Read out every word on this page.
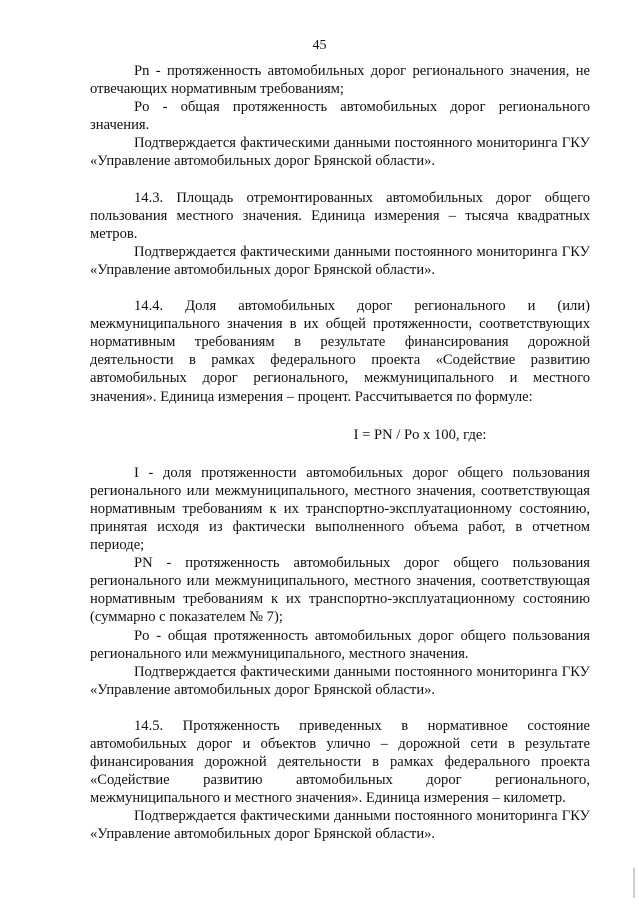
45

Pn - протяженность автомобильных дорог регионального значения, не отвечающих нормативным требованиям;

Po - общая протяженность автомобильных дорог регионального значения.

Подтверждается фактическими данными постоянного мониторинга ГКУ «Управление автомобильных дорог Брянской области».

14.3. Площадь отремонтированных автомобильных дорог общего пользования местного значения. Единица измерения – тысяча квадратных метров.

Подтверждается фактическими данными постоянного мониторинга ГКУ «Управление автомобильных дорог Брянской области».

14.4. Доля автомобильных дорог регионального и (или) межмуниципального значения в их общей протяженности, соответствующих нормативным требованиям в результате финансирования дорожной деятельности в рамках федерального проекта «Содействие развитию автомобильных дорог регионального, межмуниципального и местного значения». Единица измерения – процент. Рассчитывается по формуле:

I = PN / Po x 100, где:

I - доля протяженности автомобильных дорог общего пользования регионального или межмуниципального, местного значения, соответствующая нормативным требованиям к их транспортно-эксплуатационному состоянию, принятая исходя из фактически выполненного объема работ, в отчетном периоде;

PN - протяженность автомобильных дорог общего пользования регионального или межмуниципального, местного значения, соответствующая нормативным требованиям к их транспортно-эксплуатационному состоянию (суммарно с показателем № 7);

Po - общая протяженность автомобильных дорог общего пользования регионального или межмуниципального, местного значения.

Подтверждается фактическими данными постоянного мониторинга ГКУ «Управление автомобильных дорог Брянской области».

14.5. Протяженность приведенных в нормативное состояние автомобильных дорог и объектов улично – дорожной сети в результате финансирования дорожной деятельности в рамках федерального проекта «Содействие развитию автомобильных дорог регионального, межмуниципального и местного значения». Единица измерения – километр.

Подтверждается фактическими данными постоянного мониторинга ГКУ «Управление автомобильных дорог Брянской области».
